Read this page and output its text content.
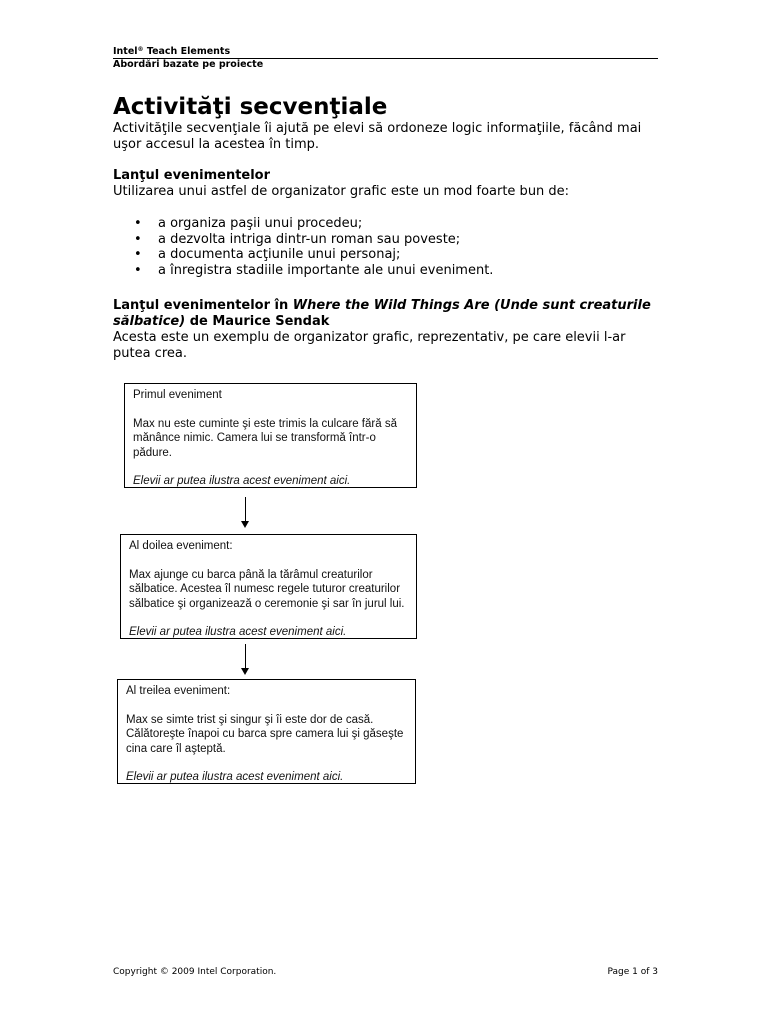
Intel® Teach Elements
Abordări bazate pe proiecte
Activităţi secvenţiale

Activităţile secvenţiale îi ajută pe elevi să ordoneze logic informaţiile, făcând mai uşor accesul la acestea în timp.

Lanţul evenimentelor
Utilizarea unui astfel de organizator grafic este un mod foarte bun de:
• a organiza paşii unui procedeu;
• a dezvolta intriga dintr-un roman sau poveste;
• a documenta acţiunile unui personaj;
• a înregistra stadiile importante ale unui eveniment.
Lanţul evenimentelor în Where the Wild Things Are (Unde sunt creaturile sălbatice) de Maurice Sendak
Acesta este un exemplu de organizator grafic, reprezentativ, pe care elevii l-ar putea crea.

Primul eveniment

Max nu este cuminte şi este trimis la culcare fără să mănânce nimic. Camera lui se transformă într-o pădure.

Elevii ar putea ilustra acest eveniment aici.

Al doilea eveniment:

Max ajunge cu barca până la tărâmul creaturilor sălbatice. Acestea îl numesc regele tuturor creaturilor sălbatice şi organizează o ceremonie şi sar în jurul lui.

Elevii ar putea ilustra acest eveniment aici.

Al treilea eveniment:

Max se simte trist şi singur şi îi este dor de casă. Călătoreşte înapoi cu barca spre camera lui şi găseşte cina care îl aşteptă.

Elevii ar putea ilustra acest eveniment aici.

Copyright © 2009 Intel Corporation.	Page 1 of 3
